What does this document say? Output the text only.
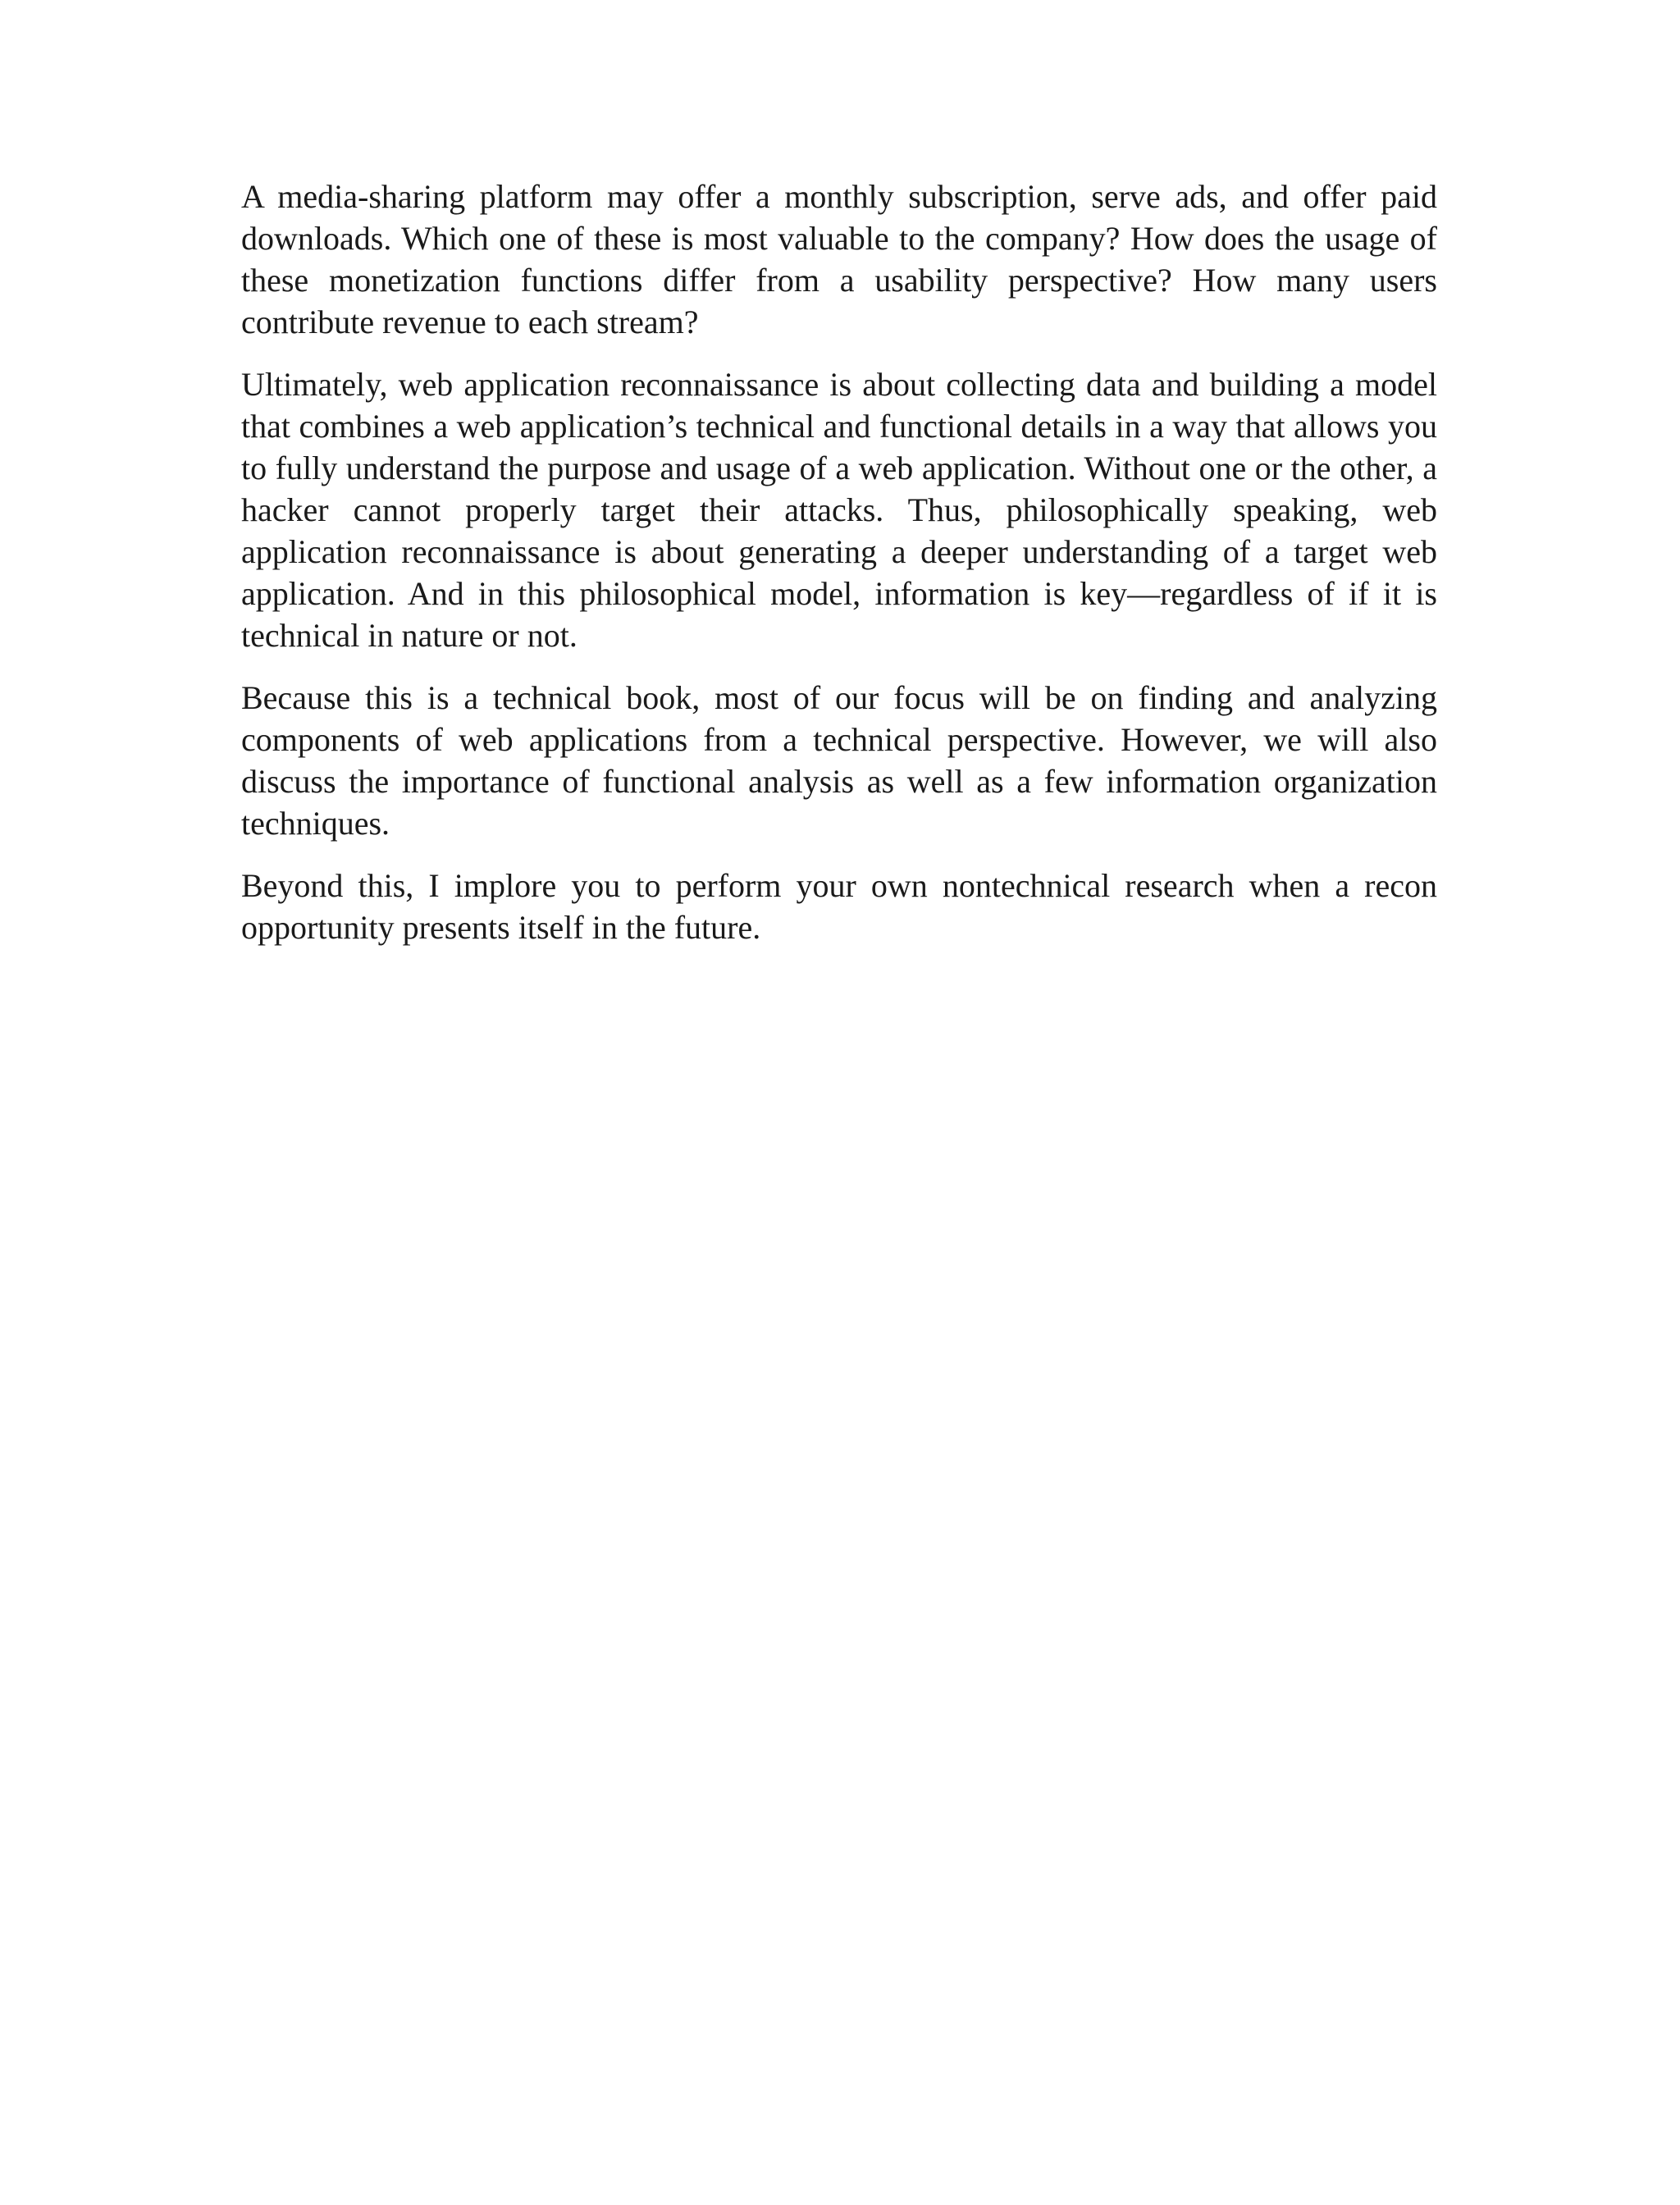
A media-sharing platform may offer a monthly subscription, serve ads, and offer paid downloads. Which one of these is most valuable to the company? How does the usage of these monetization functions differ from a usability perspective? How many users contribute revenue to each stream?

Ultimately, web application reconnaissance is about collecting data and building a model that combines a web application’s technical and functional details in a way that allows you to fully understand the purpose and usage of a web application. Without one or the other, a hacker cannot properly target their attacks. Thus, philosophically speaking, web application reconnaissance is about generating a deeper understanding of a target web application. And in this philosophical model, information is key—regardless of if it is technical in nature or not.

Because this is a technical book, most of our focus will be on finding and analyzing components of web applications from a technical perspective. However, we will also discuss the importance of functional analysis as well as a few information organization techniques.

Beyond this, I implore you to perform your own nontechnical research when a recon opportunity presents itself in the future.
